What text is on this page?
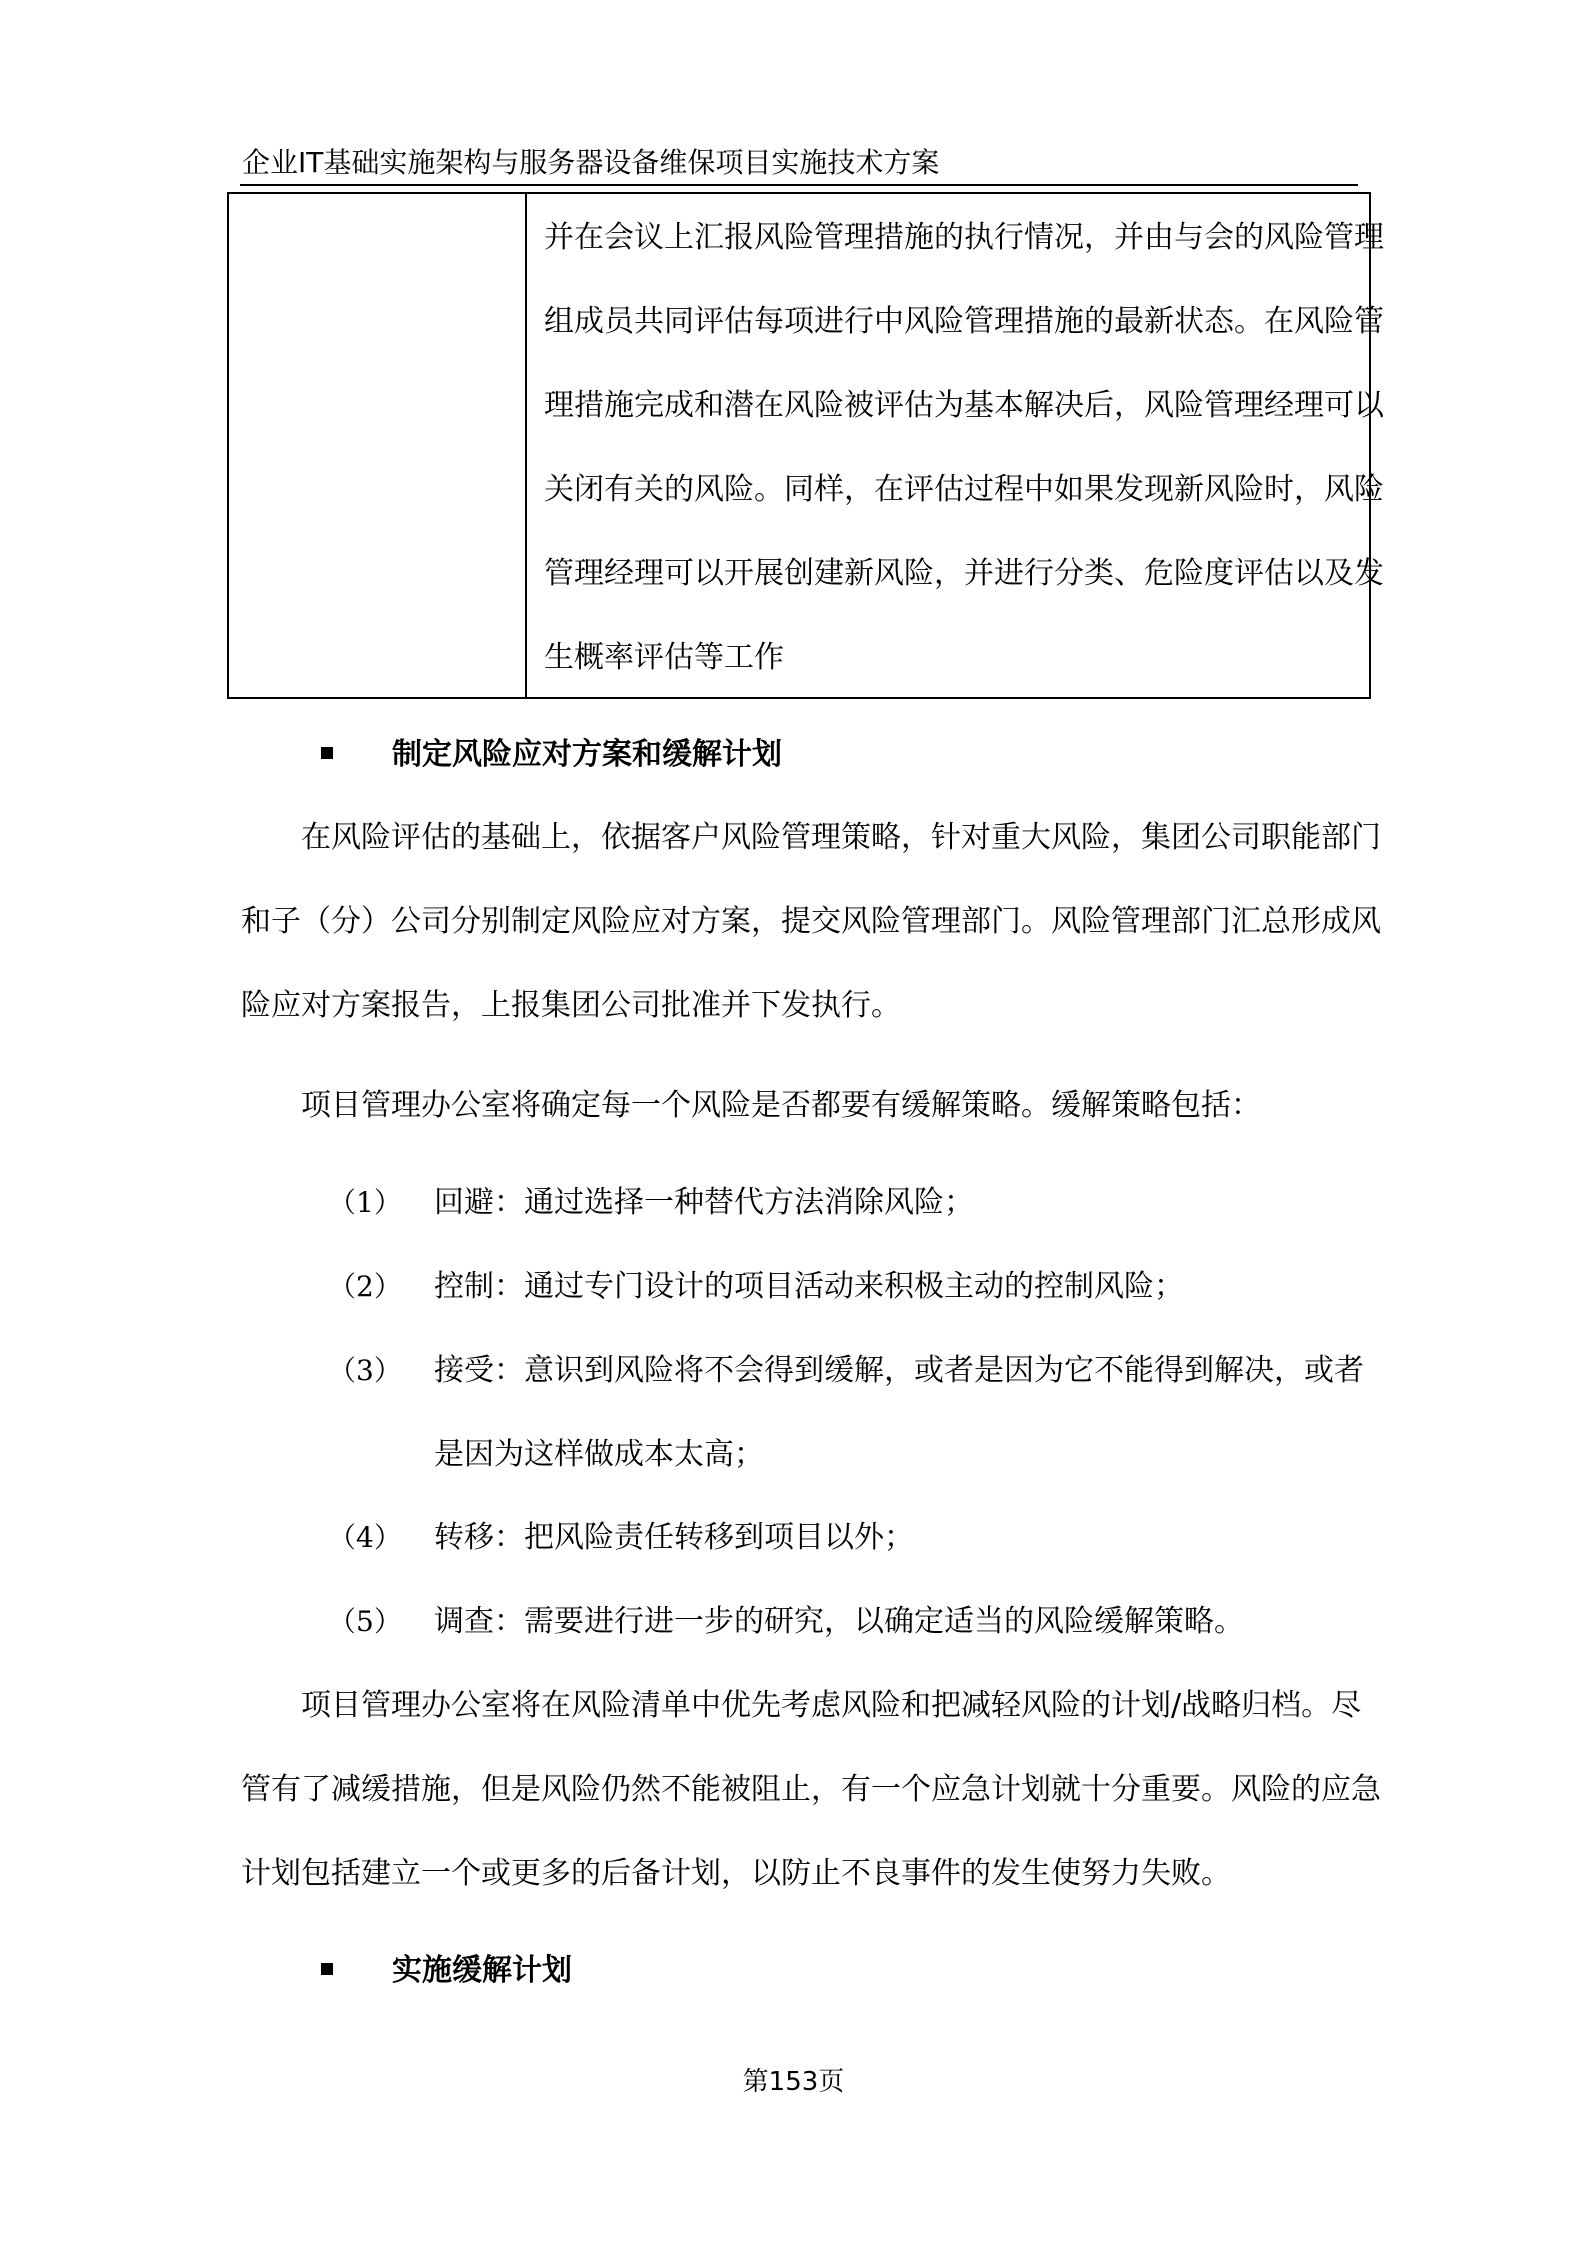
企业IT基础实施架构与服务器设备维保项目实施技术方案
并在会议上汇报风险管理措施的执行情况，并由与会的风险管理
组成员共同评估每项进行中风险管理措施的最新状态。在风险管
理措施完成和潜在风险被评估为基本解决后，风险管理经理可以
关闭有关的风险。同样，在评估过程中如果发现新风险时，风险
管理经理可以开展创建新风险，并进行分类、危险度评估以及发
生概率评估等工作
制定风险应对方案和缓解计划
在风险评估的基础上，依据客户风险管理策略，针对重大风险，集团公司职能部门
和子（分）公司分别制定风险应对方案，提交风险管理部门。风险管理部门汇总形成风
险应对方案报告，上报集团公司批准并下发执行。
项目管理办公室将确定每一个风险是否都要有缓解策略。缓解策略包括：
（1） 回避：通过选择一种替代方法消除风险；
（2） 控制：通过专门设计的项目活动来积极主动的控制风险；
（3） 接受：意识到风险将不会得到缓解，或者是因为它不能得到解决，或者
是因为这样做成本太高；
（4） 转移：把风险责任转移到项目以外；
（5） 调查：需要进行进一步的研究，以确定适当的风险缓解策略。
项目管理办公室将在风险清单中优先考虑风险和把减轻风险的计划/战略归档。尽
管有了减缓措施，但是风险仍然不能被阻止，有一个应急计划就十分重要。风险的应急
计划包括建立一个或更多的后备计划，以防止不良事件的发生使努力失败。
实施缓解计划
第153页
